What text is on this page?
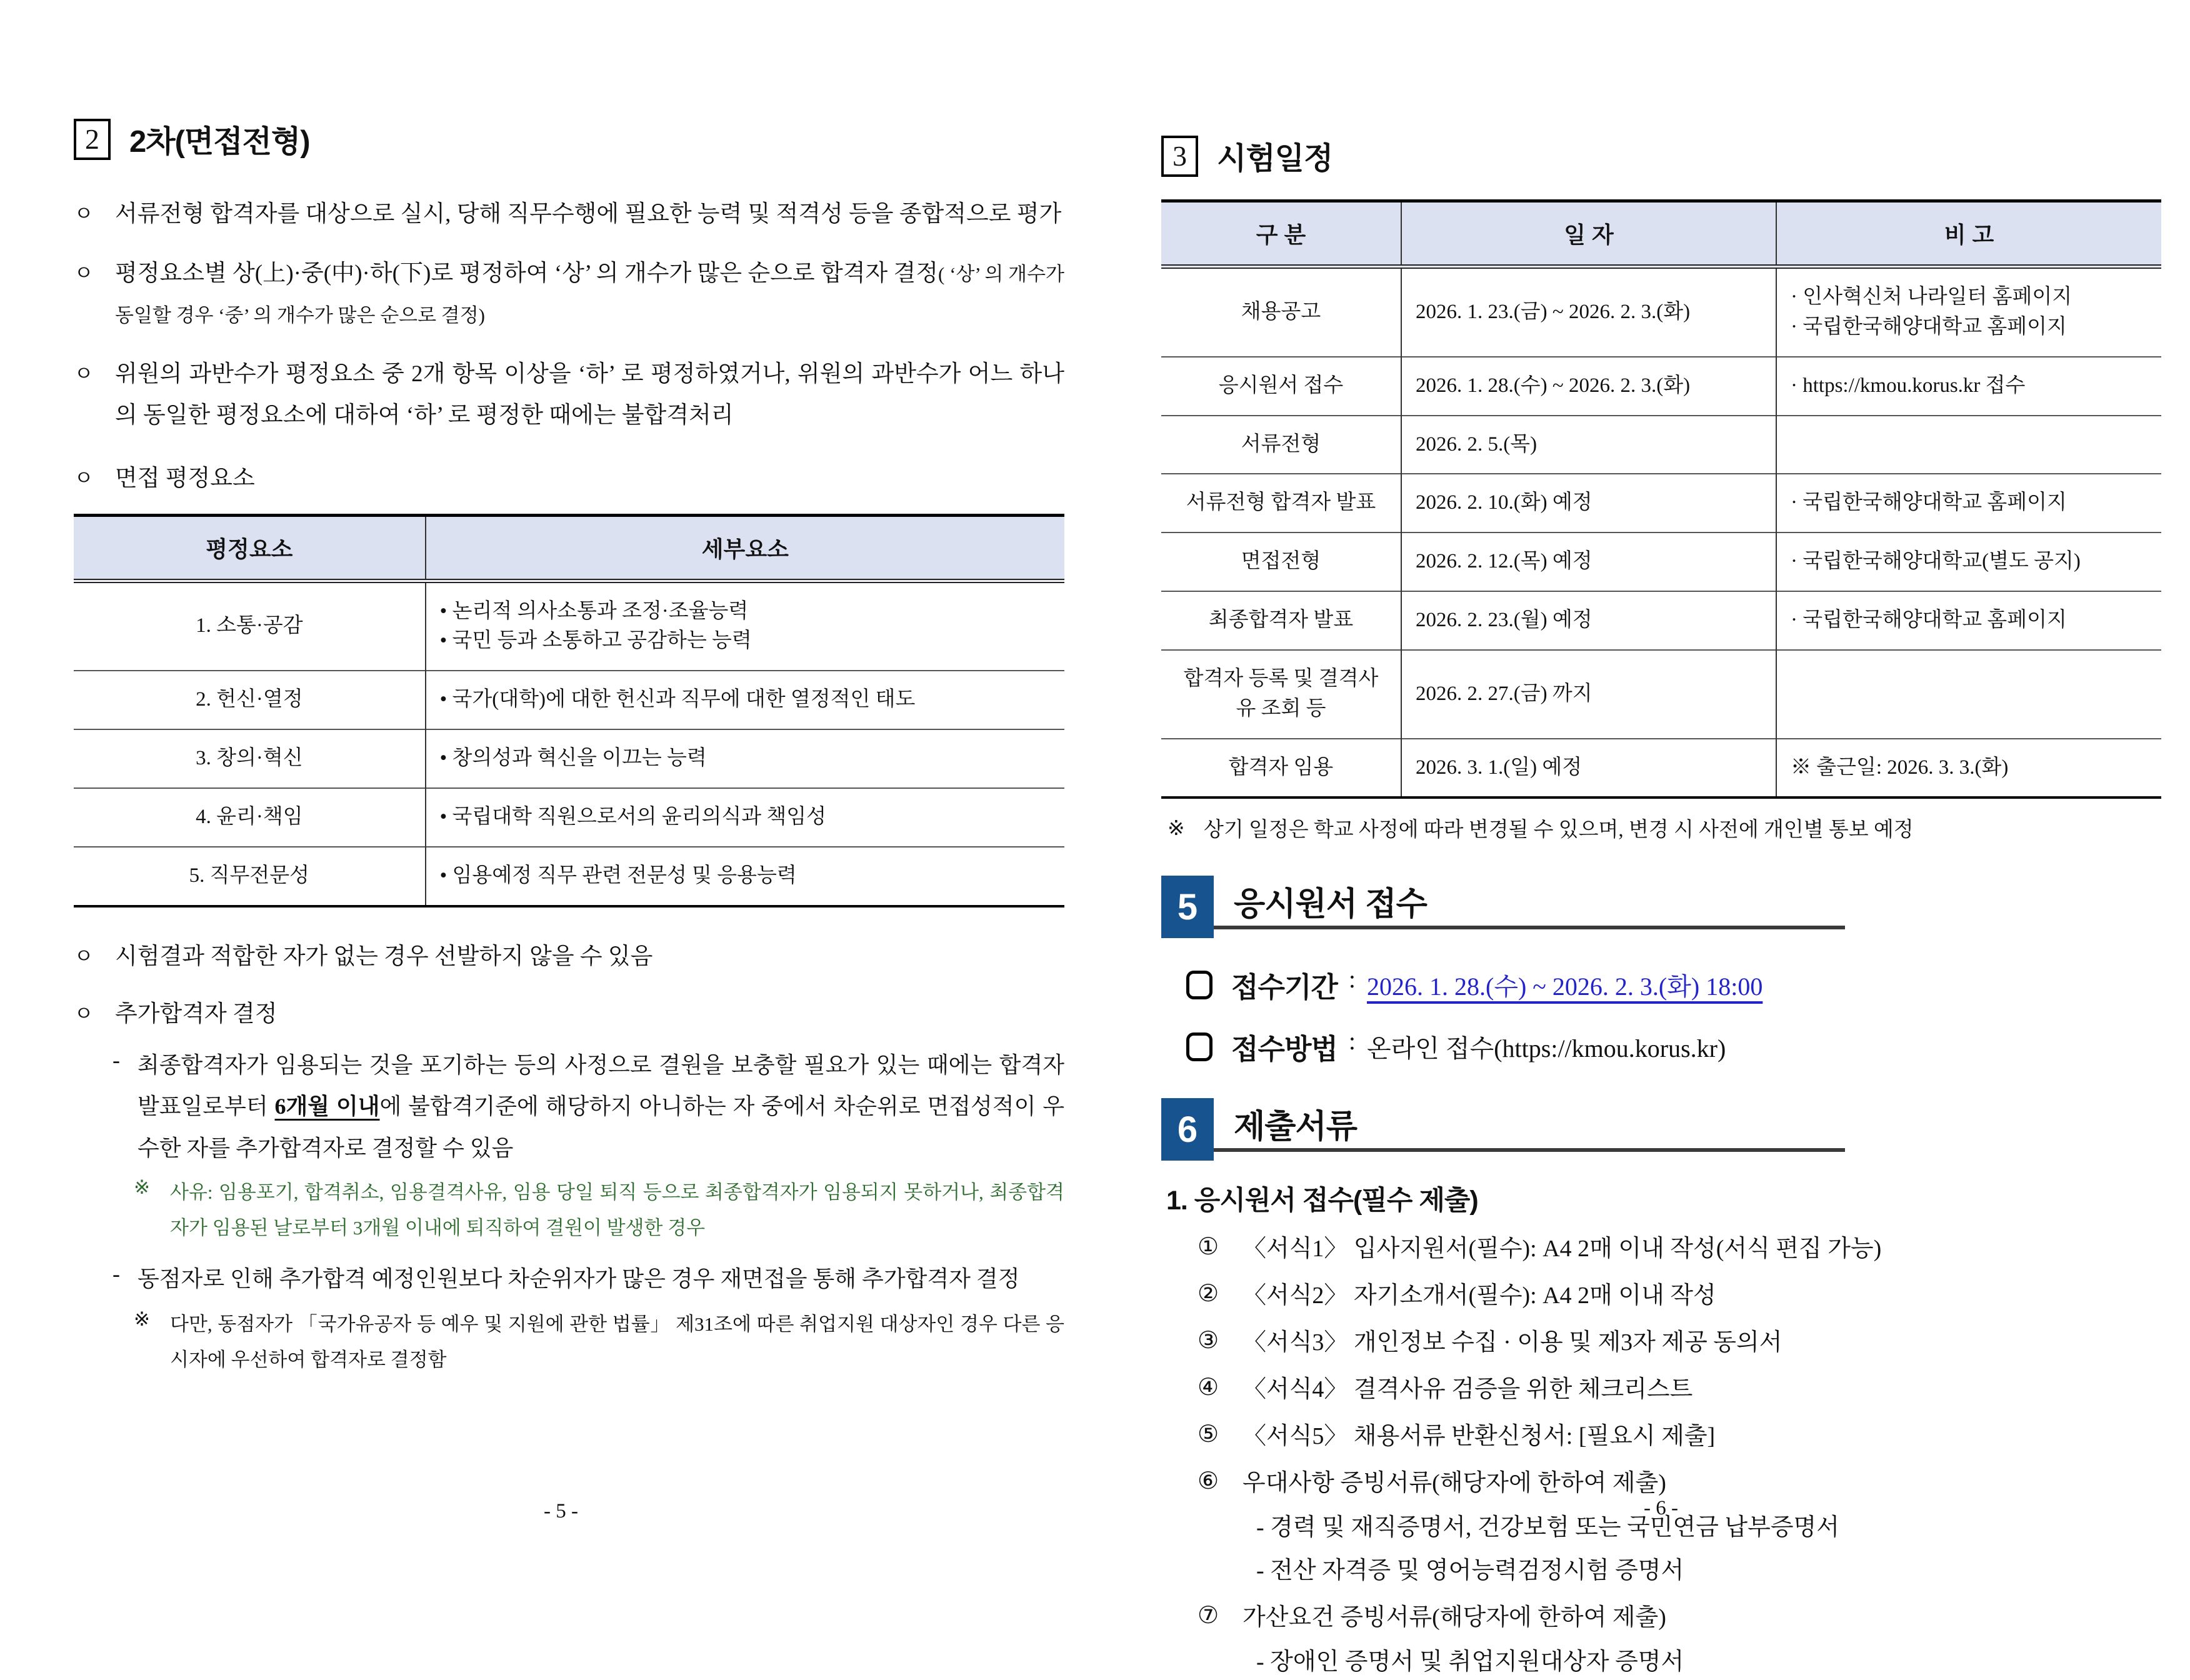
2 2차(면접전형)
ㅇ 서류전형 합격자를 대상으로 실시, 당해 직무수행에 필요한 능력 및 적격성 등을 종합적으로 평가
ㅇ 평정요소별 상(上)·중(中)·하(下)로 평정하여 ‘상’ 의 개수가 많은 순으로 합격자 결정( ‘상’ 의 개수가 동일할 경우 ‘중’ 의 개수가 많은 순으로 결정)
ㅇ 위원의 과반수가 평정요소 중 2개 항목 이상을 ‘하’ 로 평정하였거나, 위원의 과반수가 어느 하나의 동일한 평정요소에 대하여 ‘하’ 로 평정한 때에는 불합격처리
ㅇ 면접 평정요소
평정요소	세부요소
1. 소통·공감	• 논리적 의사소통과 조정·조율능력
• 국민 등과 소통하고 공감하는 능력

2. 헌신·열정	• 국가(대학)에 대한 헌신과 직무에 대한 열정적인 태도

3. 창의·혁신	• 창의성과 혁신을 이끄는 능력

4. 윤리·책임	• 국립대학 직원으로서의 윤리의식과 책임성

5. 직무전문성	• 임용예정 직무 관련 전문성 및 응용능력
ㅇ 시험결과 적합한 자가 없는 경우 선발하지 않을 수 있음
ㅇ 추가합격자 결정
- 최종합격자가 임용되는 것을 포기하는 등의 사정으로 결원을 보충할 필요가 있는 때에는 합격자 발표일로부터 6개월 이내에 불합격기준에 해당하지 아니하는 자 중에서 차순위로 면접성적이 우수한 자를 추가합격자로 결정할 수 있음
※	사유: 임용포기, 합격취소, 임용결격사유, 임용 당일 퇴직 등으로 최종합격자가 임용되지 못하거나, 최종합격자가 임용된 날로부터 3개월 이내에 퇴직하여 결원이 발생한 경우
- 동점자로 인해 추가합격 예정인원보다 차순위자가 많은 경우 재면접을 통해 추가합격자 결정
※	다만, 동점자가 「국가유공자 등 예우 및 지원에 관한 법률」 제31조에 따른 취업지원 대상자인 경우 다른 응시자에 우선하여 합격자로 결정함
- 5 -
3 시험일정
구 분	일 자	비 고
채용공고	2026. 1. 23.(금) ~ 2026. 2. 3.(화)	· 인사혁신처 나라일터 홈페이지
· 국립한국해양대학교 홈페이지

응시원서 접수	2026. 1. 28.(수) ~ 2026. 2. 3.(화)	· https://kmou.korus.kr 접수

서류전형	2026. 2. 5.(목)	
서류전형 합격자 발표	2026. 2. 10.(화) 예정	· 국립한국해양대학교 홈페이지

면접전형	2026. 2. 12.(목) 예정	· 국립한국해양대학교(별도 공지)

최종합격자 발표	2026. 2. 23.(월) 예정	· 국립한국해양대학교 홈페이지

합격자 등록 및 결격사유 조회 등	2026. 2. 27.(금) 까지	
합격자 임용	2026. 3. 1.(일) 예정	※ 출근일: 2026. 3. 3.(화)
※ 상기 일정은 학교 사정에 따라 변경될 수 있으며, 변경 시 사전에 개인별 통보 예정
5	응시원서 접수
접수기간 : 2026. 1. 28.(수) ~ 2026. 2. 3.(화) 18:00
접수방법 : 온라인 접수(https://kmou.korus.kr)
6	제출서류
1. 응시원서 접수(필수 제출)
① 〈서식1〉 입사지원서(필수): A4 2매 이내 작성(서식 편집 가능)
② 〈서식2〉 자기소개서(필수): A4 2매 이내 작성
③ 〈서식3〉 개인정보 수집 · 이용 및 제3자 제공 동의서
④ 〈서식4〉 결격사유 검증을 위한 체크리스트
⑤ 〈서식5〉 채용서류 반환신청서: [필요시 제출]
⑥ 우대사항 증빙서류(해당자에 한하여 제출)
- 경력 및 재직증명서, 건강보험 또는 국민연금 납부증명서
- 전산 자격증 및 영어능력검정시험 증명서
⑦ 가산요건 증빙서류(해당자에 한하여 제출)
- 장애인 증명서 및 취업지원대상자 증명서
- 6 -
